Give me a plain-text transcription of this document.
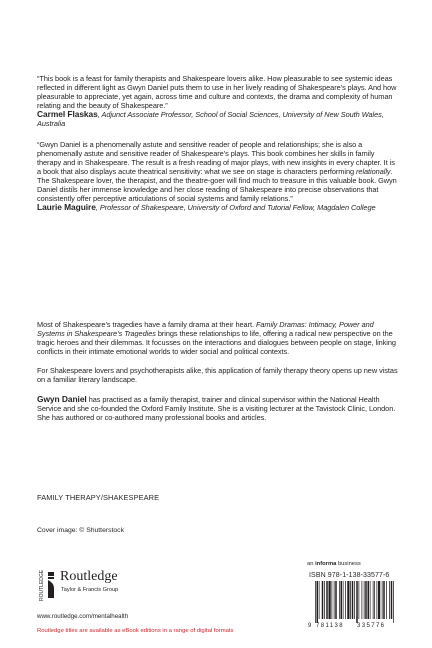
“This book is a feast for family therapists and Shakespeare lovers alike. How pleasurable to see systemic ideas reflected in different light as Gwyn Daniel puts them to use in her lively reading of Shakespeare’s plays. And how pleasurable to appreciate, yet again, across time and culture and contexts, the drama and complexity of human relating and the beauty of Shakespeare.”

Carmel Flaskas, Adjunct Associate Professor, School of Social Sciences, University of New South Wales, Australia

“Gwyn Daniel is a phenomenally astute and sensitive reader of people and relationships; she is also a phenomenally astute and sensitive reader of Shakespeare’s plays. This book combines her skills in family therapy and in Shakespeare. The result is a fresh reading of major plays, with new insights in every chapter. It is a book that also displays acute theatrical sensitivity: what we see on stage is characters performing relationally. The Shakespeare lover, the therapist, and the theatre-goer will find much to treasure in this valuable book. Gwyn Daniel distils her immense knowledge and her close reading of Shakespeare into precise observations that consistently offer perceptive articulations of social systems and family relations.”

Laurie Maguire, Professor of Shakespeare, University of Oxford and Tutorial Fellow, Magdalen College

Most of Shakespeare’s tragedies have a family drama at their heart. Family Dramas: Intimacy, Power and Systems in Shakespeare’s Tragedies brings these relationships to life, offering a radical new perspective on the tragic heroes and their dilemmas. It focusses on the interactions and dialogues between people on stage, linking conflicts in their intimate emotional worlds to wider social and political contexts.

For Shakespeare lovers and psychotherapists alike, this application of family therapy theory opens up new vistas on a familiar literary landscape.

Gwyn Daniel has practised as a family therapist, trainer and clinical supervisor within the National Health Service and she co-founded the Oxford Family Institute. She is a visiting lecturer at the Tavistock Clinic, London. She has authored or co-authored many professional books and articles.

FAMILY THERAPY/SHAKESPEARE
Cover image: © Shutterstock
ROUTLEDGE Routledge
Taylor & Francis Group
www.routledge.com/mentalhealth
Routledge titles are available as eBook editions in a range of digital formats
an informa business
ISBN 978-1-138-33577-6
9 781138 335776
